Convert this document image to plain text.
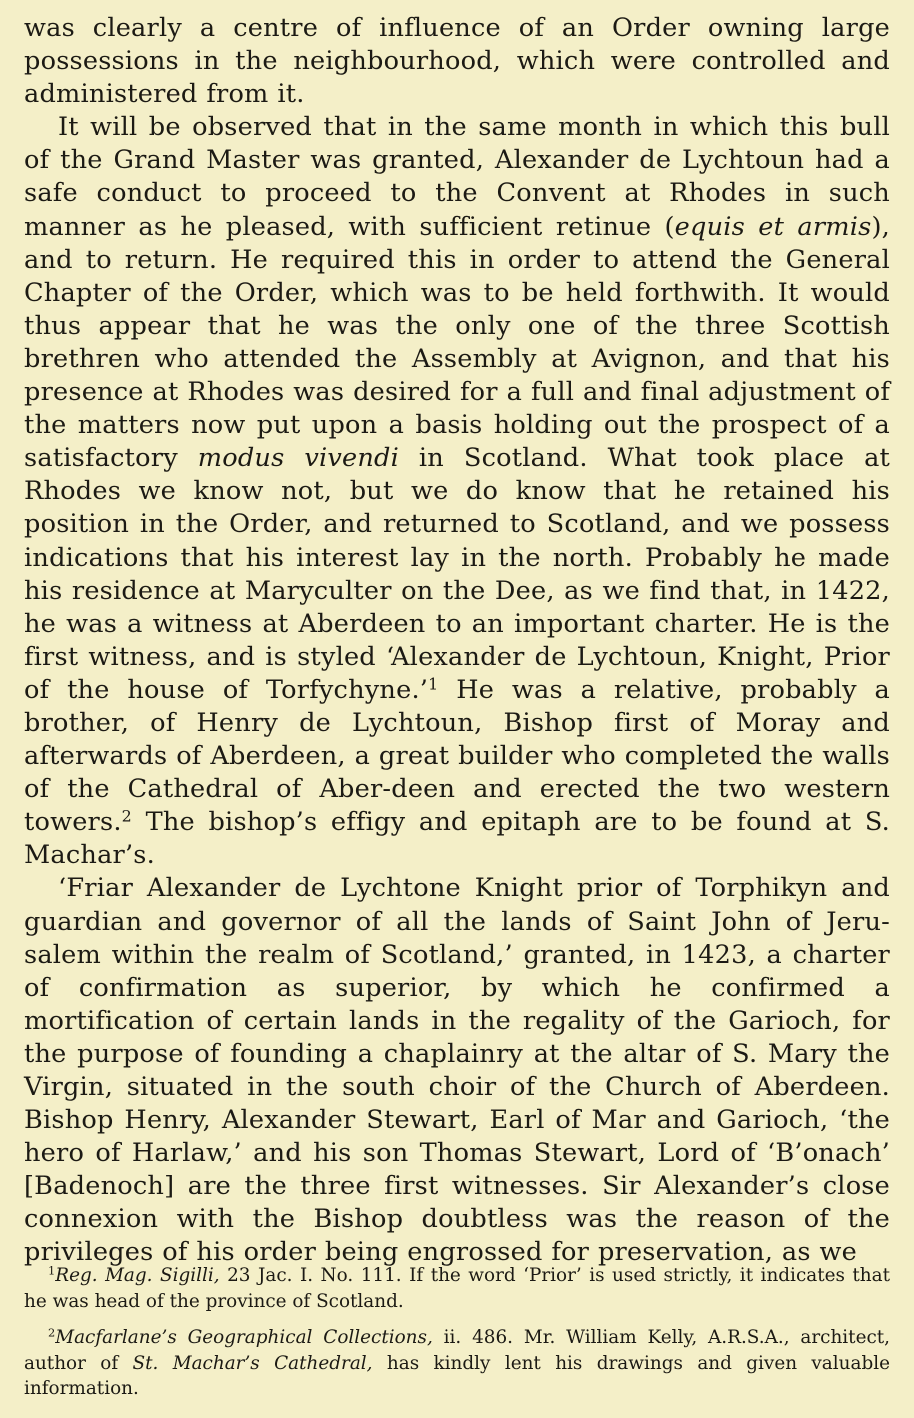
was clearly a centre of influence of an Order owning large possessions in the neighbourhood, which were controlled and administered from it.

It will be observed that in the same month in which this bull of the Grand Master was granted, Alexander de Lychtoun had a safe conduct to proceed to the Convent at Rhodes in such manner as he pleased, with sufficient retinue (equis et armis), and to return. He required this in order to attend the General Chapter of the Order, which was to be held forthwith. It would thus appear that he was the only one of the three Scottish brethren who attended the Assembly at Avignon, and that his presence at Rhodes was desired for a full and final adjustment of the matters now put upon a basis holding out the prospect of a satisfactory modus vivendi in Scotland. What took place at Rhodes we know not, but we do know that he retained his position in the Order, and returned to Scotland, and we possess indications that his interest lay in the north. Probably he made his residence at Maryculter on the Dee, as we find that, in 1422, he was a witness at Aberdeen to an important charter. He is the first witness, and is styled ‘Alexander de Lychtoun, Knight, Prior of the house of Torfychyne.’$^1$ He was a relative, probably a brother, of Henry de Lychtoun, Bishop first of Moray and afterwards of Aberdeen, a great builder who completed the walls of the Cathedral of Aber-deen and erected the two western towers.$^2$ The bishop’s effigy and epitaph are to be found at S. Machar’s.

‘Friar Alexander de Lychtone Knight prior of Torphikyn and guardian and governor of all the lands of Saint John of Jeru-salem within the realm of Scotland,’ granted, in 1423, a charter of confirmation as superior, by which he confirmed a mortification of certain lands in the regality of the Garioch, for the purpose of founding a chaplainry at the altar of S. Mary the Virgin, situated in the south choir of the Church of Aberdeen. Bishop Henry, Alexander Stewart, Earl of Mar and Garioch, ‘the hero of Harlaw,’ and his son Thomas Stewart, Lord of ‘B’onach’ [Badenoch] are the three first witnesses. Sir Alexander’s close connexion with the Bishop doubtless was the reason of the privileges of his order being engrossed for preservation, as we

$^1$Reg. Mag. Sigilli, 23 Jac. I. No. 111. If the word ‘Prior’ is used strictly, it indicates that he was head of the province of Scotland.

$^2$Macfarlane’s Geographical Collections, ii. 486. Mr. William Kelly, A.R.S.A., architect, author of St. Machar’s Cathedral, has kindly lent his drawings and given valuable information.
